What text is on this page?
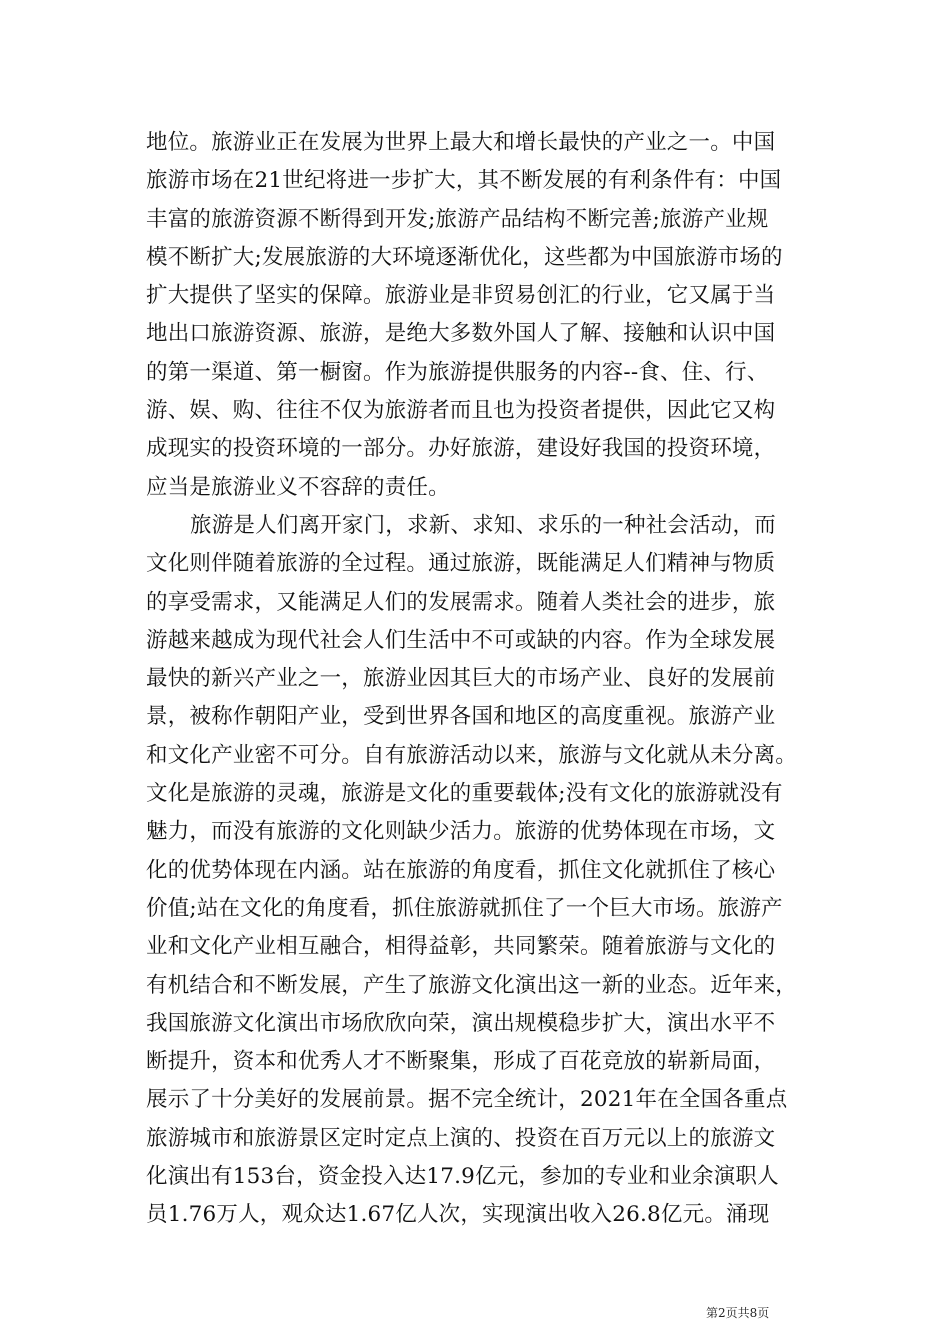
地位。旅游业正在发展为世界上最大和增长最快的产业之一。中国
旅游市场在21世纪将进一步扩大，其不断发展的有利条件有：中国
丰富的旅游资源不断得到开发;旅游产品结构不断完善;旅游产业规
模不断扩大;发展旅游的大环境逐渐优化，这些都为中国旅游市场的
扩大提供了坚实的保障。旅游业是非贸易创汇的行业，它又属于当
地出口旅游资源、旅游，是绝大多数外国人了解、接触和认识中国
的第一渠道、第一橱窗。作为旅游提供服务的内容--食、住、行、
游、娱、购、往往不仅为旅游者而且也为投资者提供，因此它又构
成现实的投资环境的一部分。办好旅游，建设好我国的投资环境，
应当是旅游业义不容辞的责任。
旅游是人们离开家门，求新、求知、求乐的一种社会活动，而
文化则伴随着旅游的全过程。通过旅游，既能满足人们精神与物质
的享受需求，又能满足人们的发展需求。随着人类社会的进步，旅
游越来越成为现代社会人们生活中不可或缺的内容。作为全球发展
最快的新兴产业之一，旅游业因其巨大的市场产业、良好的发展前
景，被称作朝阳产业，受到世界各国和地区的高度重视。旅游产业
和文化产业密不可分。自有旅游活动以来，旅游与文化就从未分离。
文化是旅游的灵魂，旅游是文化的重要载体;没有文化的旅游就没有
魅力，而没有旅游的文化则缺少活力。旅游的优势体现在市场，文
化的优势体现在内涵。站在旅游的角度看，抓住文化就抓住了核心
价值;站在文化的角度看，抓住旅游就抓住了一个巨大市场。旅游产
业和文化产业相互融合，相得益彰，共同繁荣。随着旅游与文化的
有机结合和不断发展，产生了旅游文化演出这一新的业态。近年来，
我国旅游文化演出市场欣欣向荣，演出规模稳步扩大，演出水平不
断提升，资本和优秀人才不断聚集，形成了百花竞放的崭新局面，
展示了十分美好的发展前景。据不完全统计，2021年在全国各重点
旅游城市和旅游景区定时定点上演的、投资在百万元以上的旅游文
化演出有153台，资金投入达17.9亿元，参加的专业和业余演职人
员1.76万人，观众达1.67亿人次，实现演出收入26.8亿元。涌现
第2页共8页
